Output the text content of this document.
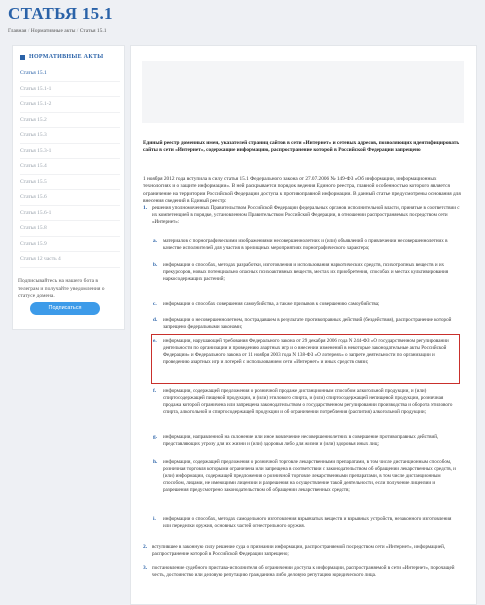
СТАТЬЯ 15.1
Главная / Нормативные акты / Статья 15.1
НОРМАТИВНЫЕ АКТЫ
Статья 15.1
Статья 15.1-1
Статья 15.1-2
Статья 15.2
Статья 15.3
Статья 15.3-1
Статья 15.4
Статья 15.5
Статья 15.6
Статья 15.6-1
Статья 15.8
Статья 15.9
Статья 12 часть 4
Подписывайтесь на нашего бота в телеграм и получайте уведомления о статусе домена.
Подписаться
Единый реестр доменных имен, указателей страниц сайтов в сети «Интернет» и сетевых адресов, позволяющих идентифицировать сайты в сети «Интернет», содержащие информацию, распространение которой в Российской Федерации запрещено
1 ноября 2012 года вступила в силу статья 15.1 Федерального закона от 27.07.2006 № 149-ФЗ «Об информации, информационных технологиях и о защите информации». В ней раскрывается порядок ведения Единого реестра, главной особенностью которого является ограничение на территории Российской Федерации доступа к противоправной информации. В данный статье предусмотрены основания для внесения сведений в Единый реестр:
1. решения уполномоченных Правительством Российской Федерации федеральных органов исполнительной власти, принятые в соответствии с их компетенцией в порядке, установленном Правительством Российской Федерации, в отношении распространяемых посредством сети «Интернет»:
a. материалов с порнографическими изображениями несовершеннолетних и (или) объявлений о привлечении несовершеннолетних в качестве исполнителей для участия в зрелищных мероприятиях порнографического характера;
b. информации о способах, методах разработки, изготовления и использования наркотических средств, психотропных веществ и их прекурсоров, новых потенциально опасных психоактивных веществ, местах их приобретения, способах и местах культивирования наркосодержащих растений;
c. информации о способах совершения самоубийства, а также призывов к совершению самоубийства;
d. информации о несовершеннолетнем, пострадавшем в результате противоправных действий (бездействия), распространение которой запрещено федеральными законами;
e. информации, нарушающей требования Федерального закона от 29 декабря 2006 года N 244-ФЗ «О государственном регулировании деятельности по организации и проведению азартных игр и о внесении изменений в некоторые законодательные акты Российской Федерации» и Федерального закона от 11 ноября 2003 года N 138-ФЗ «О лотереях» о запрете деятельности по организации и проведению азартных игр и лотерей с использованием сети «Интернет» и иных средств связи;
f. информации, содержащей предложения о розничной продаже дистанционным способом алкогольной продукции, и (или) спиртосодержащей пищевой продукции, и (или) этилового спирта, и (или) спиртосодержащей непищевой продукции, розничная продажа которой ограничена или запрещена законодательством о государственном регулировании производства и оборота этилового спирта, алкогольной и спиртосодержащей продукции и об ограничении потребления (распития) алкогольной продукции;
g. информации, направленной на склонение или иное вовлечение несовершеннолетних в совершение противоправных действий, представляющих угрозу для их жизни и (или) здоровья либо для жизни и (или) здоровья иных лиц;
h. информации, содержащей предложения о розничной торговле лекарственными препаратами, в том числе дистанционным способом, розничная торговля которыми ограничена или запрещена в соответствии с законодательством об обращении лекарственных средств, и (или) информации, содержащей предложения о розничной торговле лекарственными препаратами, в том числе дистанционным способом, лицами, не имеющими лицензии и разрешения на осуществление такой деятельности, если получение лицензии и разрешения предусмотрено законодательством об обращении лекарственных средств;
i. информации о способах, методах самодельного изготовления взрывчатых веществ и взрывных устройств, незаконного изготовления или переделки оружия, основных частей огнестрельного оружия.
2. вступившее в законную силу решение суда о признании информации, распространяемой посредством сети «Интернет», информацией, распространение которой в Российской Федерации запрещено;
3. постановление судебного пристава-исполнителя об ограничении доступа к информации, распространяемой в сети «Интернет», порочащей честь, достоинство или деловую репутацию гражданина либо деловую репутацию юридического лица.
